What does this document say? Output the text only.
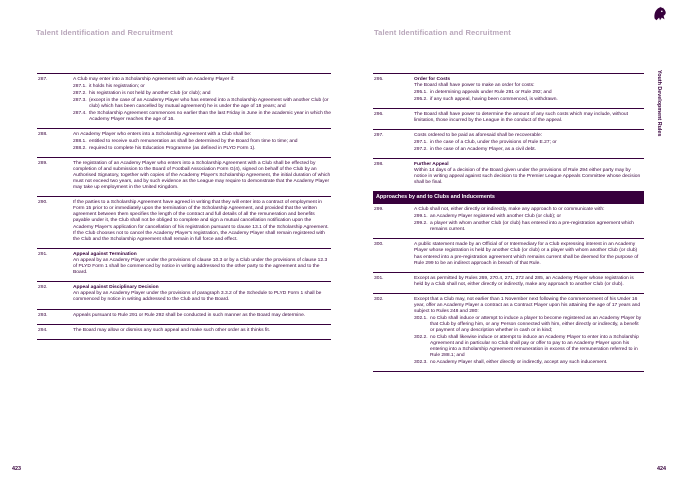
Talent Identification and Recruitment	Talent Identification and Recruitment
Youth Development Rules
287.	A Club may enter into a Scholarship Agreement with an Academy Player if:

287.1. it holds his registration; or
287.2. his registration is not held by another Club (or club); and
287.3. (except in the case of an Academy Player who has entered into a Scholarship Agreement with another Club (or club) which has been cancelled by mutual agreement) he is under the age of 18 years; and
287.4. the Scholarship Agreement commences no earlier than the last Friday in June in the academic year in which the Academy Player reaches the age of 16.
288.	An Academy Player who enters into a Scholarship Agreement with a Club shall be:

288.1. entitled to receive such remuneration as shall be determined by the Board from time to time; and
288.2. required to complete his Education Programme (as defined in PLYD Form 1).
289.	The registration of an Academy Player who enters into a Scholarship Agreement with a Club shall be effected by completion of and submission to the Board of Football Association Form G(4), signed on behalf of the Club by an Authorised Signatory, together with copies of the Academy Player's Scholarship Agreement, the initial duration of which must not exceed two years, and by such evidence as the League may require to demonstrate that the Academy Player may take up employment in the United Kingdom.

290.	If the parties to a Scholarship Agreement have agreed in writing that they will enter into a contract of employment in Form 15 prior to or immediately upon the termination of the Scholarship Agreement, and provided that the written agreement between them specifies the length of the contract and full details of all the remuneration and benefits payable under it, the Club shall not be obliged to complete and sign a mutual cancellation notification upon the Academy Player's application for cancellation of his registration pursuant to clause 13.1 of the Scholarship Agreement. If the Club chooses not to cancel the Academy Player's registration, the Academy Player shall remain registered with the Club and the Scholarship Agreement shall remain in full force and effect.

291.	Appeal against Termination

An appeal by an Academy Player under the provisions of clause 10.3 or by a Club under the provisions of clause 12.3 of PLYD Form 1 shall be commenced by notice in writing addressed to the other party to the agreement and to the Board.

292.	Appeal against Disciplinary Decision

An appeal by an Academy Player under the provisions of paragraph 3.3.2 of the Schedule to PLYD Form 1 shall be commenced by notice in writing addressed to the Club and to the Board.

293.	Appeals pursuant to Rule 291 or Rule 292 shall be conducted in such manner as the Board may determine.

294.	The Board may allow or dismiss any such appeal and make such other order as it thinks fit.

295.	Order for Costs

The Board shall have power to make an order for costs:

295.1. in determining appeals under Rule 291 or Rule 292; and
295.2. if any such appeal, having been commenced, is withdrawn.
296.	The Board shall have power to determine the amount of any such costs which may include, without limitation, those incurred by the League in the conduct of the appeal.

297.	Costs ordered to be paid as aforesaid shall be recoverable:

297.1. in the case of a Club, under the provisions of Rule E.27; or
297.2. in the case of an Academy Player, as a civil debt.
298.	Further Appeal

Within 14 days of a decision of the Board given under the provisions of Rule 294 either party may by notice in writing appeal against such decision to the Premier League Appeals Committee whose decision shall be final.

Approaches by and to Clubs and Inducements
299.	A Club shall not, either directly or indirectly, make any approach to or communicate with:

299.1. an Academy Player registered with another Club (or club); or
299.2. a player with whom another Club (or club) has entered into a pre-registration agreement which remains current.
300.	A public statement made by an Official of or Intermediary for a Club expressing interest in an Academy Player whose registration is held by another Club (or club) or a player with whom another Club (or club) has entered into a pre-registration agreement which remains current shall be deemed for the purpose of Rule 299 to be an indirect approach in breach of that Rule.

301.	Except as permitted by Rules 269, 270.4, 271, 272 and 285, an Academy Player whose registration is held by a Club shall not, either directly or indirectly, make any approach to another Club (or club).

302.	Except that a Club may, not earlier than 1 November next following the commencement of his Under 16 year, offer an Academy Player a contract as a Contract Player upon his attaining the age of 17 years and subject to Rules 248 and 280:

302.1. no Club shall induce or attempt to induce a player to become registered as an Academy Player by that Club by offering him, or any Person connected with him, either directly or indirectly, a benefit or payment of any description whether in cash or in kind;
302.2. no Club shall likewise induce or attempt to induce an Academy Player to enter into a Scholarship Agreement and in particular no Club shall pay or offer to pay to an Academy Player upon his entering into a Scholarship Agreement remuneration in excess of the remuneration referred to in Rule 288.1; and
302.3. no Academy Player shall, either directly or indirectly, accept any such inducement.
423	424
